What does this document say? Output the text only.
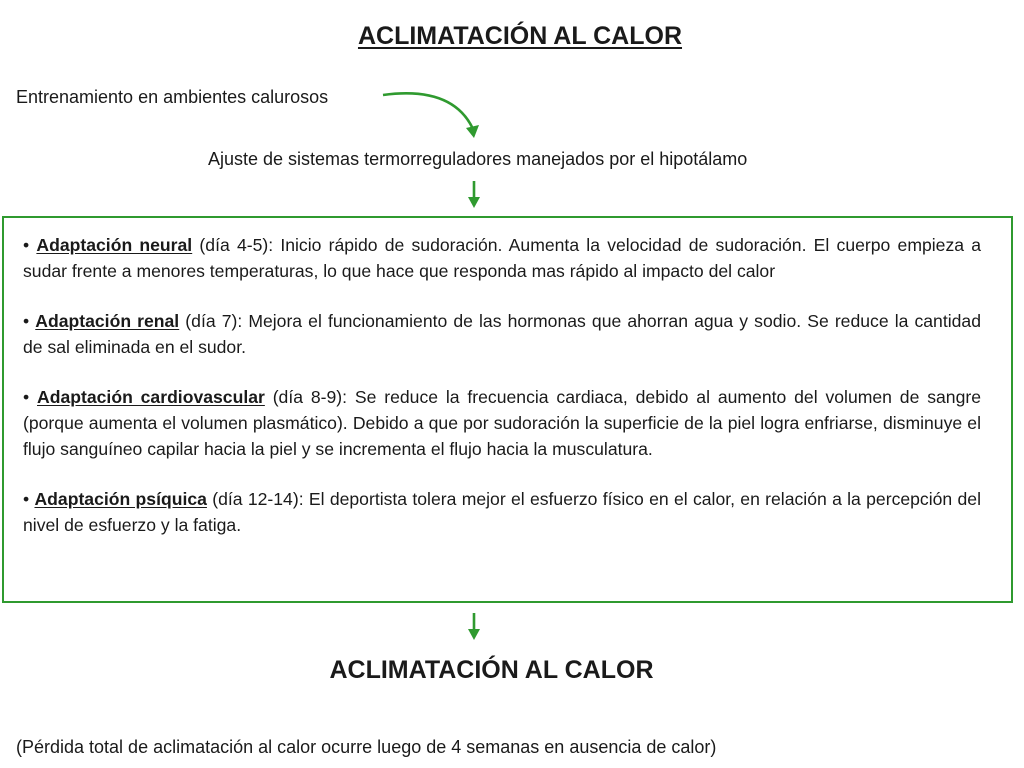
ACLIMATACIÓN AL CALOR
Entrenamiento en ambientes calurosos
Ajuste de sistemas termorreguladores manejados por el hipotálamo

• Adaptación neural (día 4-5): Inicio rápido de sudoración. Aumenta la velocidad de sudoración. El cuerpo empieza a sudar frente a menores temperaturas, lo que hace que responda mas rápido al impacto del calor

• Adaptación renal (día 7): Mejora el funcionamiento de las hormonas que ahorran agua y sodio. Se reduce la cantidad de sal eliminada en el sudor.

• Adaptación cardiovascular (día 8-9): Se reduce la frecuencia cardiaca, debido al aumento del volumen de sangre (porque aumenta el volumen plasmático). Debido a que por sudoración la superficie de la piel logra enfriarse, disminuye el flujo sanguíneo capilar hacia la piel y se incrementa el flujo hacia la musculatura.

• Adaptación psíquica (día 12-14): El deportista tolera mejor el esfuerzo físico en el calor, en relación a la percepción del nivel de esfuerzo y la fatiga.

ACLIMATACIÓN AL CALOR
(Pérdida total de aclimatación al calor ocurre luego de 4 semanas en ausencia de calor)
